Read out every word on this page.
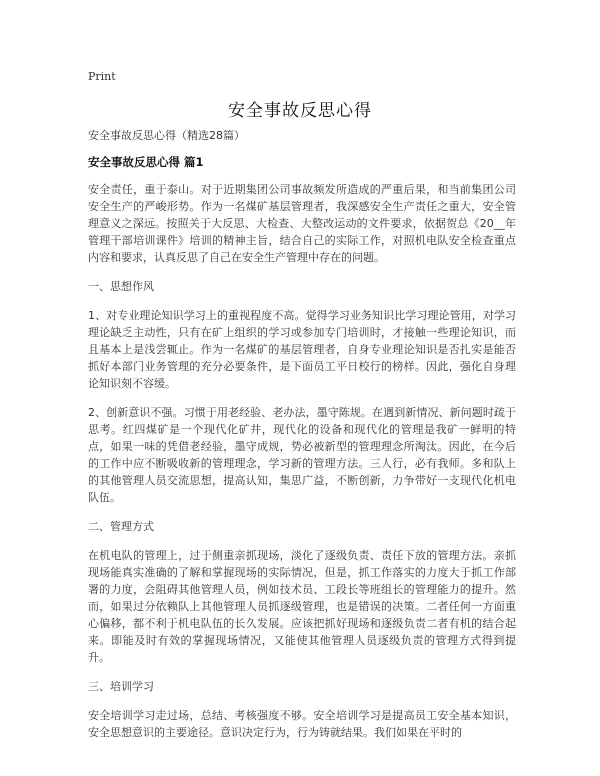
Print
安全事故反思心得

安全事故反思心得（精选28篇）

安全事故反思心得 篇1

安全责任，重于泰山。对于近期集团公司事故频发所造成的严重后果，和当前集团公司安全生产的严峻形势。作为一名煤矿基层管理者，我深感安全生产责任之重大，安全管理意义之深远。按照关于大反思、大检查、大整改运动的文件要求，依据贺总《20__年管理干部培训课件》培训的精神主旨，结合自己的实际工作，对照机电队安全检查重点内容和要求，认真反思了自己在安全生产管理中存在的问题。

一、思想作风

1、对专业理论知识学习上的重视程度不高。觉得学习业务知识比学习理论管用，对学习理论缺乏主动性，只有在矿上组织的学习或参加专门培训时，才接触一些理论知识，而且基本上是浅尝辄止。作为一名煤矿的基层管理者，自身专业理论知识是否扎实是能否抓好本部门业务管理的充分必要条件，是下面员工平日校行的榜样。因此，强化自身理论知识刻不容缓。

2、创新意识不强。习惯于用老经验、老办法，墨守陈规。在遇到新情况、新问题时疏于思考。红四煤矿是一个现代化矿井，现代化的设备和现代化的管理是我矿一鲜明的特点，如果一味的凭借老经验，墨守成规，势必被新型的管理理念所淘汰。因此，在今后的工作中应不断吸收新的管理理念，学习新的管理方法。三人行，必有我师。多和队上的其他管理人员交流思想，提高认知，集思广益，不断创新，力争带好一支现代化机电队伍。

二、管理方式

在机电队的管理上，过于侧重亲抓现场，淡化了逐级负责、责任下放的管理方法。亲抓现场能真实准确的了解和掌握现场的实际情况，但是，抓工作落实的力度大于抓工作部署的力度，会阻碍其他管理人员，例如技术员、工段长等班组长的管理能力的提升。然而，如果过分依赖队上其他管理人员抓逐级管理，也是错误的决策。二者任何一方面重心偏移，都不利于机电队伍的长久发展。应该把抓好现场和逐级负责二者有机的结合起来。即能及时有效的掌握现场情况，又能使其他管理人员逐级负责的管理方式得到提升。

三、培训学习

安全培训学习走过场，总结、考核强度不够。安全培训学习是提高员工安全基本知识，安全思想意识的主要途径。意识决定行为，行为铸就结果。我们如果在平时的
